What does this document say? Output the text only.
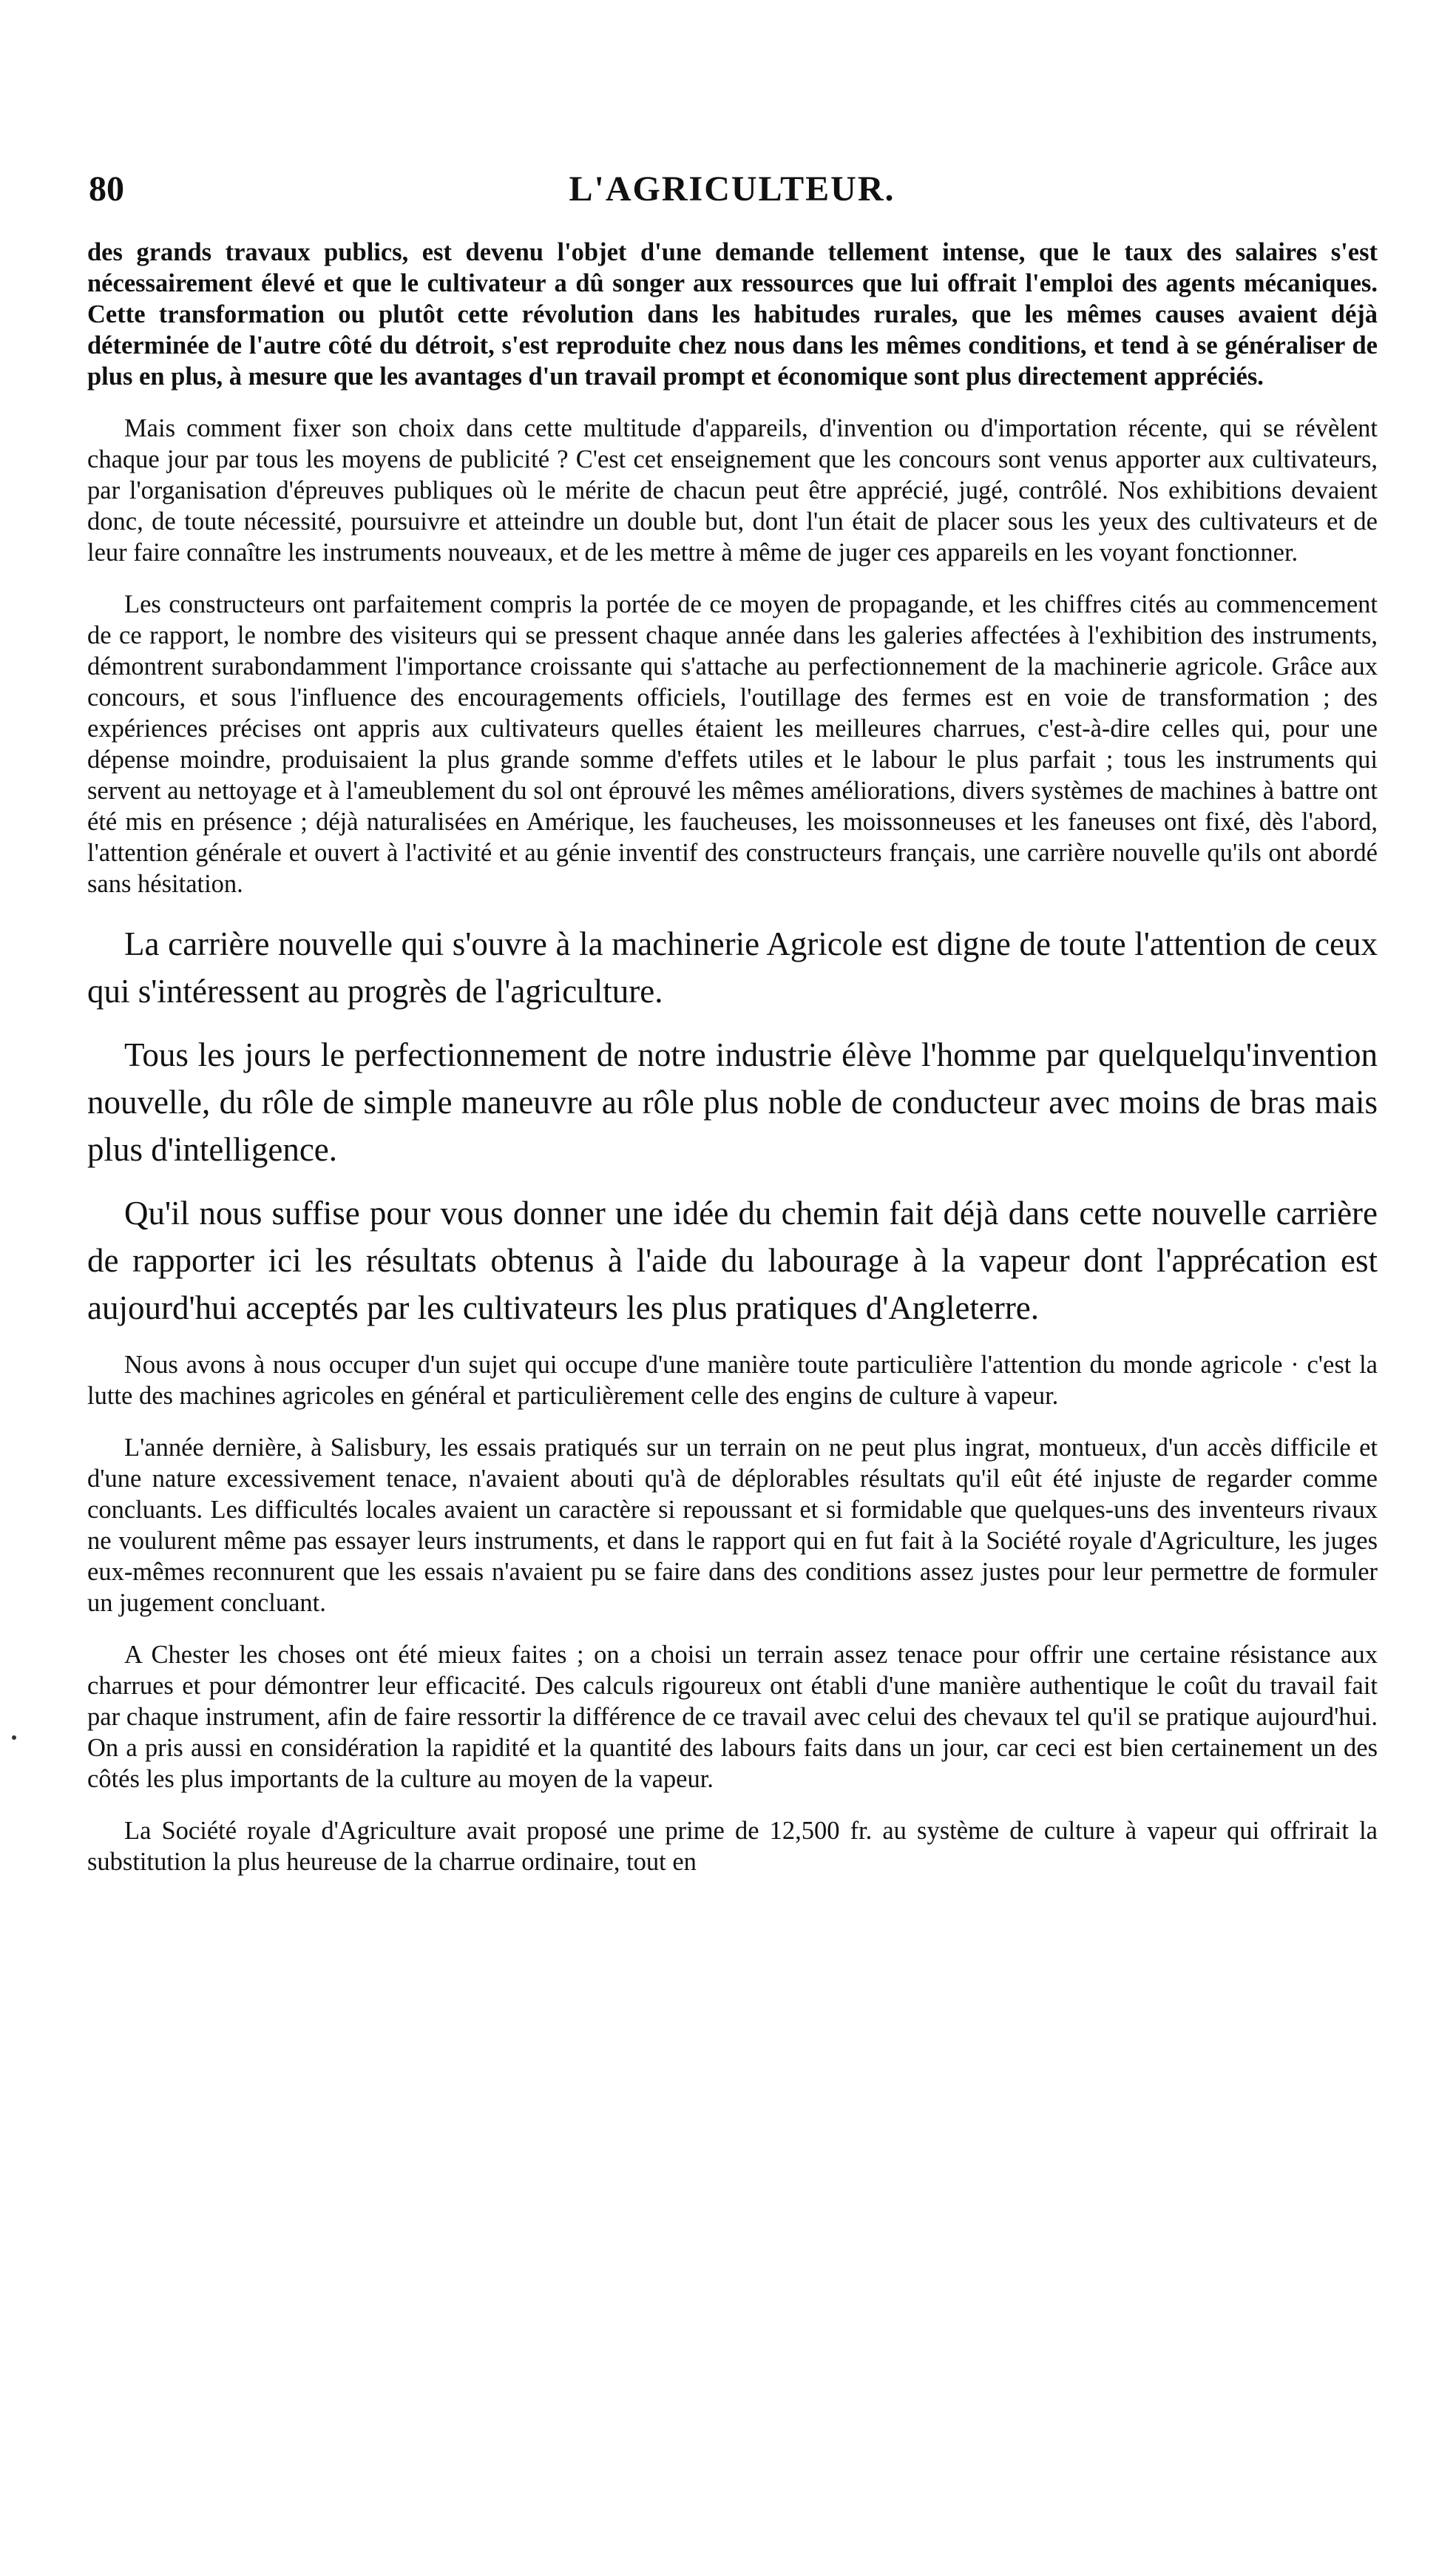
80	L'AGRICULTEUR.

des grands travaux publics, est devenu l'objet d'une demande tellement intense, que le taux des salaires s'est nécessairement élevé et que le cultivateur a dû songer aux ressources que lui offrait l'emploi des agents mécaniques. Cette transformation ou plutôt cette révolution dans les habitudes rurales, que les mêmes causes avaient déjà déterminée de l'autre côté du détroit, s'est reproduite chez nous dans les mêmes conditions, et tend à se généraliser de plus en plus, à mesure que les avantages d'un travail prompt et économique sont plus directement appréciés.

Mais comment fixer son choix dans cette multitude d'appareils, d'invention ou d'importation récente, qui se révèlent chaque jour par tous les moyens de publicité ? C'est cet enseignement que les concours sont venus apporter aux cultivateurs, par l'organisation d'épreuves publiques où le mérite de chacun peut être apprécié, jugé, contrôlé. Nos exhibitions devaient donc, de toute nécessité, poursuivre et atteindre un double but, dont l'un était de placer sous les yeux des cultivateurs et de leur faire connaître les instruments nouveaux, et de les mettre à même de juger ces appareils en les voyant fonctionner.

Les constructeurs ont parfaitement compris la portée de ce moyen de propagande, et les chiffres cités au commencement de ce rapport, le nombre des visiteurs qui se pressent chaque année dans les galeries affectées à l'exhibition des instruments, démontrent surabondamment l'importance croissante qui s'attache au perfectionnement de la machinerie agricole. Grâce aux concours, et sous l'influence des encouragements officiels, l'outillage des fermes est en voie de transformation ; des expériences précises ont appris aux cultivateurs quelles étaient les meilleures charrues, c'est-à-dire celles qui, pour une dépense moindre, produisaient la plus grande somme d'effets utiles et le labour le plus parfait ; tous les instruments qui servent au nettoyage et à l'ameublement du sol ont éprouvé les mêmes améliorations, divers systèmes de machines à battre ont été mis en présence ; déjà naturalisées en Amérique, les faucheuses, les moissonneuses et les faneuses ont fixé, dès l'abord, l'attention générale et ouvert à l'activité et au génie inventif des constructeurs français, une carrière nouvelle qu'ils ont abordé sans hésitation.

La carrière nouvelle qui s'ouvre à la machinerie Agricole est digne de toute l'attention de ceux qui s'intéressent au progrès de l'agriculture.

Tous les jours le perfectionnement de notre industrie élève l'homme par quelquelqu'invention nouvelle, du rôle de simple maneuvre au rôle plus noble de conducteur avec moins de bras mais plus d'intelligence.

Qu'il nous suffise pour vous donner une idée du chemin fait déjà dans cette nouvelle carrière de rapporter ici les résultats obtenus à l'aide du labourage à la vapeur dont l'apprécation est aujourd'hui acceptés par les cultivateurs les plus pratiques d'Angleterre.

Nous avons à nous occuper d'un sujet qui occupe d'une manière toute particulière l'attention du monde agricole · c'est la lutte des machines agricoles en général et particulièrement celle des engins de culture à vapeur.

L'année dernière, à Salisbury, les essais pratiqués sur un terrain on ne peut plus ingrat, montueux, d'un accès difficile et d'une nature excessivement tenace, n'avaient abouti qu'à de déplorables résultats qu'il eût été injuste de regarder comme concluants. Les difficultés locales avaient un caractère si repoussant et si formidable que quelques-uns des inventeurs rivaux ne voulurent même pas essayer leurs instruments, et dans le rapport qui en fut fait à la Société royale d'Agriculture, les juges eux-mêmes reconnurent que les essais n'avaient pu se faire dans des conditions assez justes pour leur permettre de formuler un jugement concluant.

A Chester les choses ont été mieux faites ; on a choisi un terrain assez tenace pour offrir une certaine résistance aux charrues et pour démontrer leur efficacité. Des calculs rigoureux ont établi d'une manière authentique le coût du travail fait par chaque instrument, afin de faire ressortir la différence de ce travail avec celui des chevaux tel qu'il se pratique aujourd'hui. On a pris aussi en considération la rapidité et la quantité des labours faits dans un jour, car ceci est bien certainement un des côtés les plus importants de la culture au moyen de la vapeur.

La Société royale d'Agriculture avait proposé une prime de 12,500 fr. au système de culture à vapeur qui offrirait la substitution la plus heureuse de la charrue ordinaire, tout en
